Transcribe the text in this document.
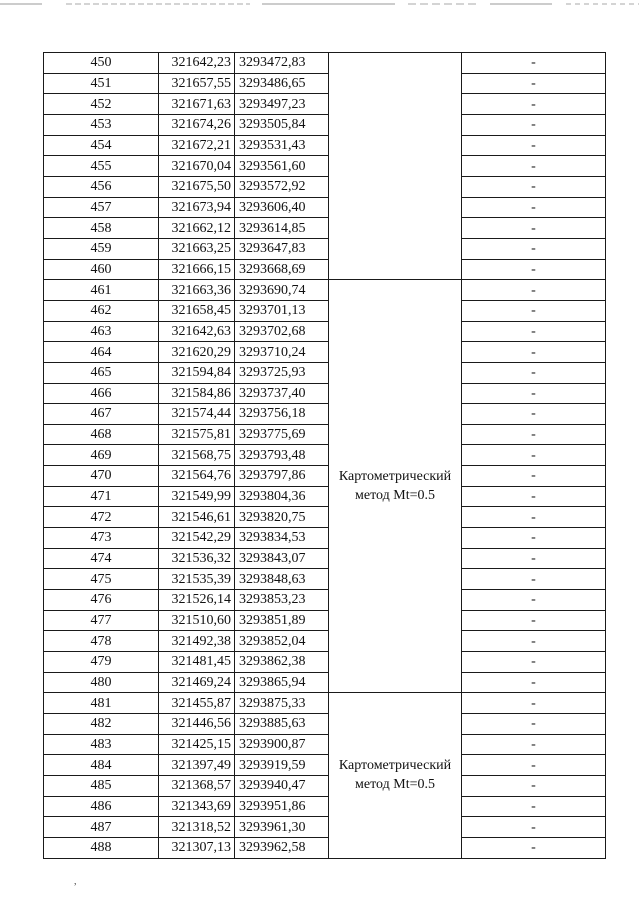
450	321642,23	3293472,83		-
451	321657,55	3293486,65		-
452	321671,63	3293497,23		-
453	321674,26	3293505,84		-
454	321672,21	3293531,43		-
455	321670,04	3293561,60		-
456	321675,50	3293572,92		-
457	321673,94	3293606,40		-
458	321662,12	3293614,85		-
459	321663,25	3293647,83		-
460	321666,15	3293668,69		-
461	321663,36	3293690,74	Картометрический
метод Mt=0.5	-
462	321658,45	3293701,13		-
463	321642,63	3293702,68		-
464	321620,29	3293710,24		-
465	321594,84	3293725,93		-
466	321584,86	3293737,40		-
467	321574,44	3293756,18		-
468	321575,81	3293775,69		-
469	321568,75	3293793,48		-
470	321564,76	3293797,86		-
471	321549,99	3293804,36		-
472	321546,61	3293820,75		-
473	321542,29	3293834,53		-
474	321536,32	3293843,07		-
475	321535,39	3293848,63		-
476	321526,14	3293853,23		-
477	321510,60	3293851,89		-
478	321492,38	3293852,04		-
479	321481,45	3293862,38		-
480	321469,24	3293865,94		-
481	321455,87	3293875,33	Картометрический
метод Mt=0.5	-
482	321446,56	3293885,63		-
483	321425,15	3293900,87		-
484	321397,49	3293919,59		-
485	321368,57	3293940,47		-
486	321343,69	3293951,86		-
487	321318,52	3293961,30		-
488	321307,13	3293962,58		-
,
